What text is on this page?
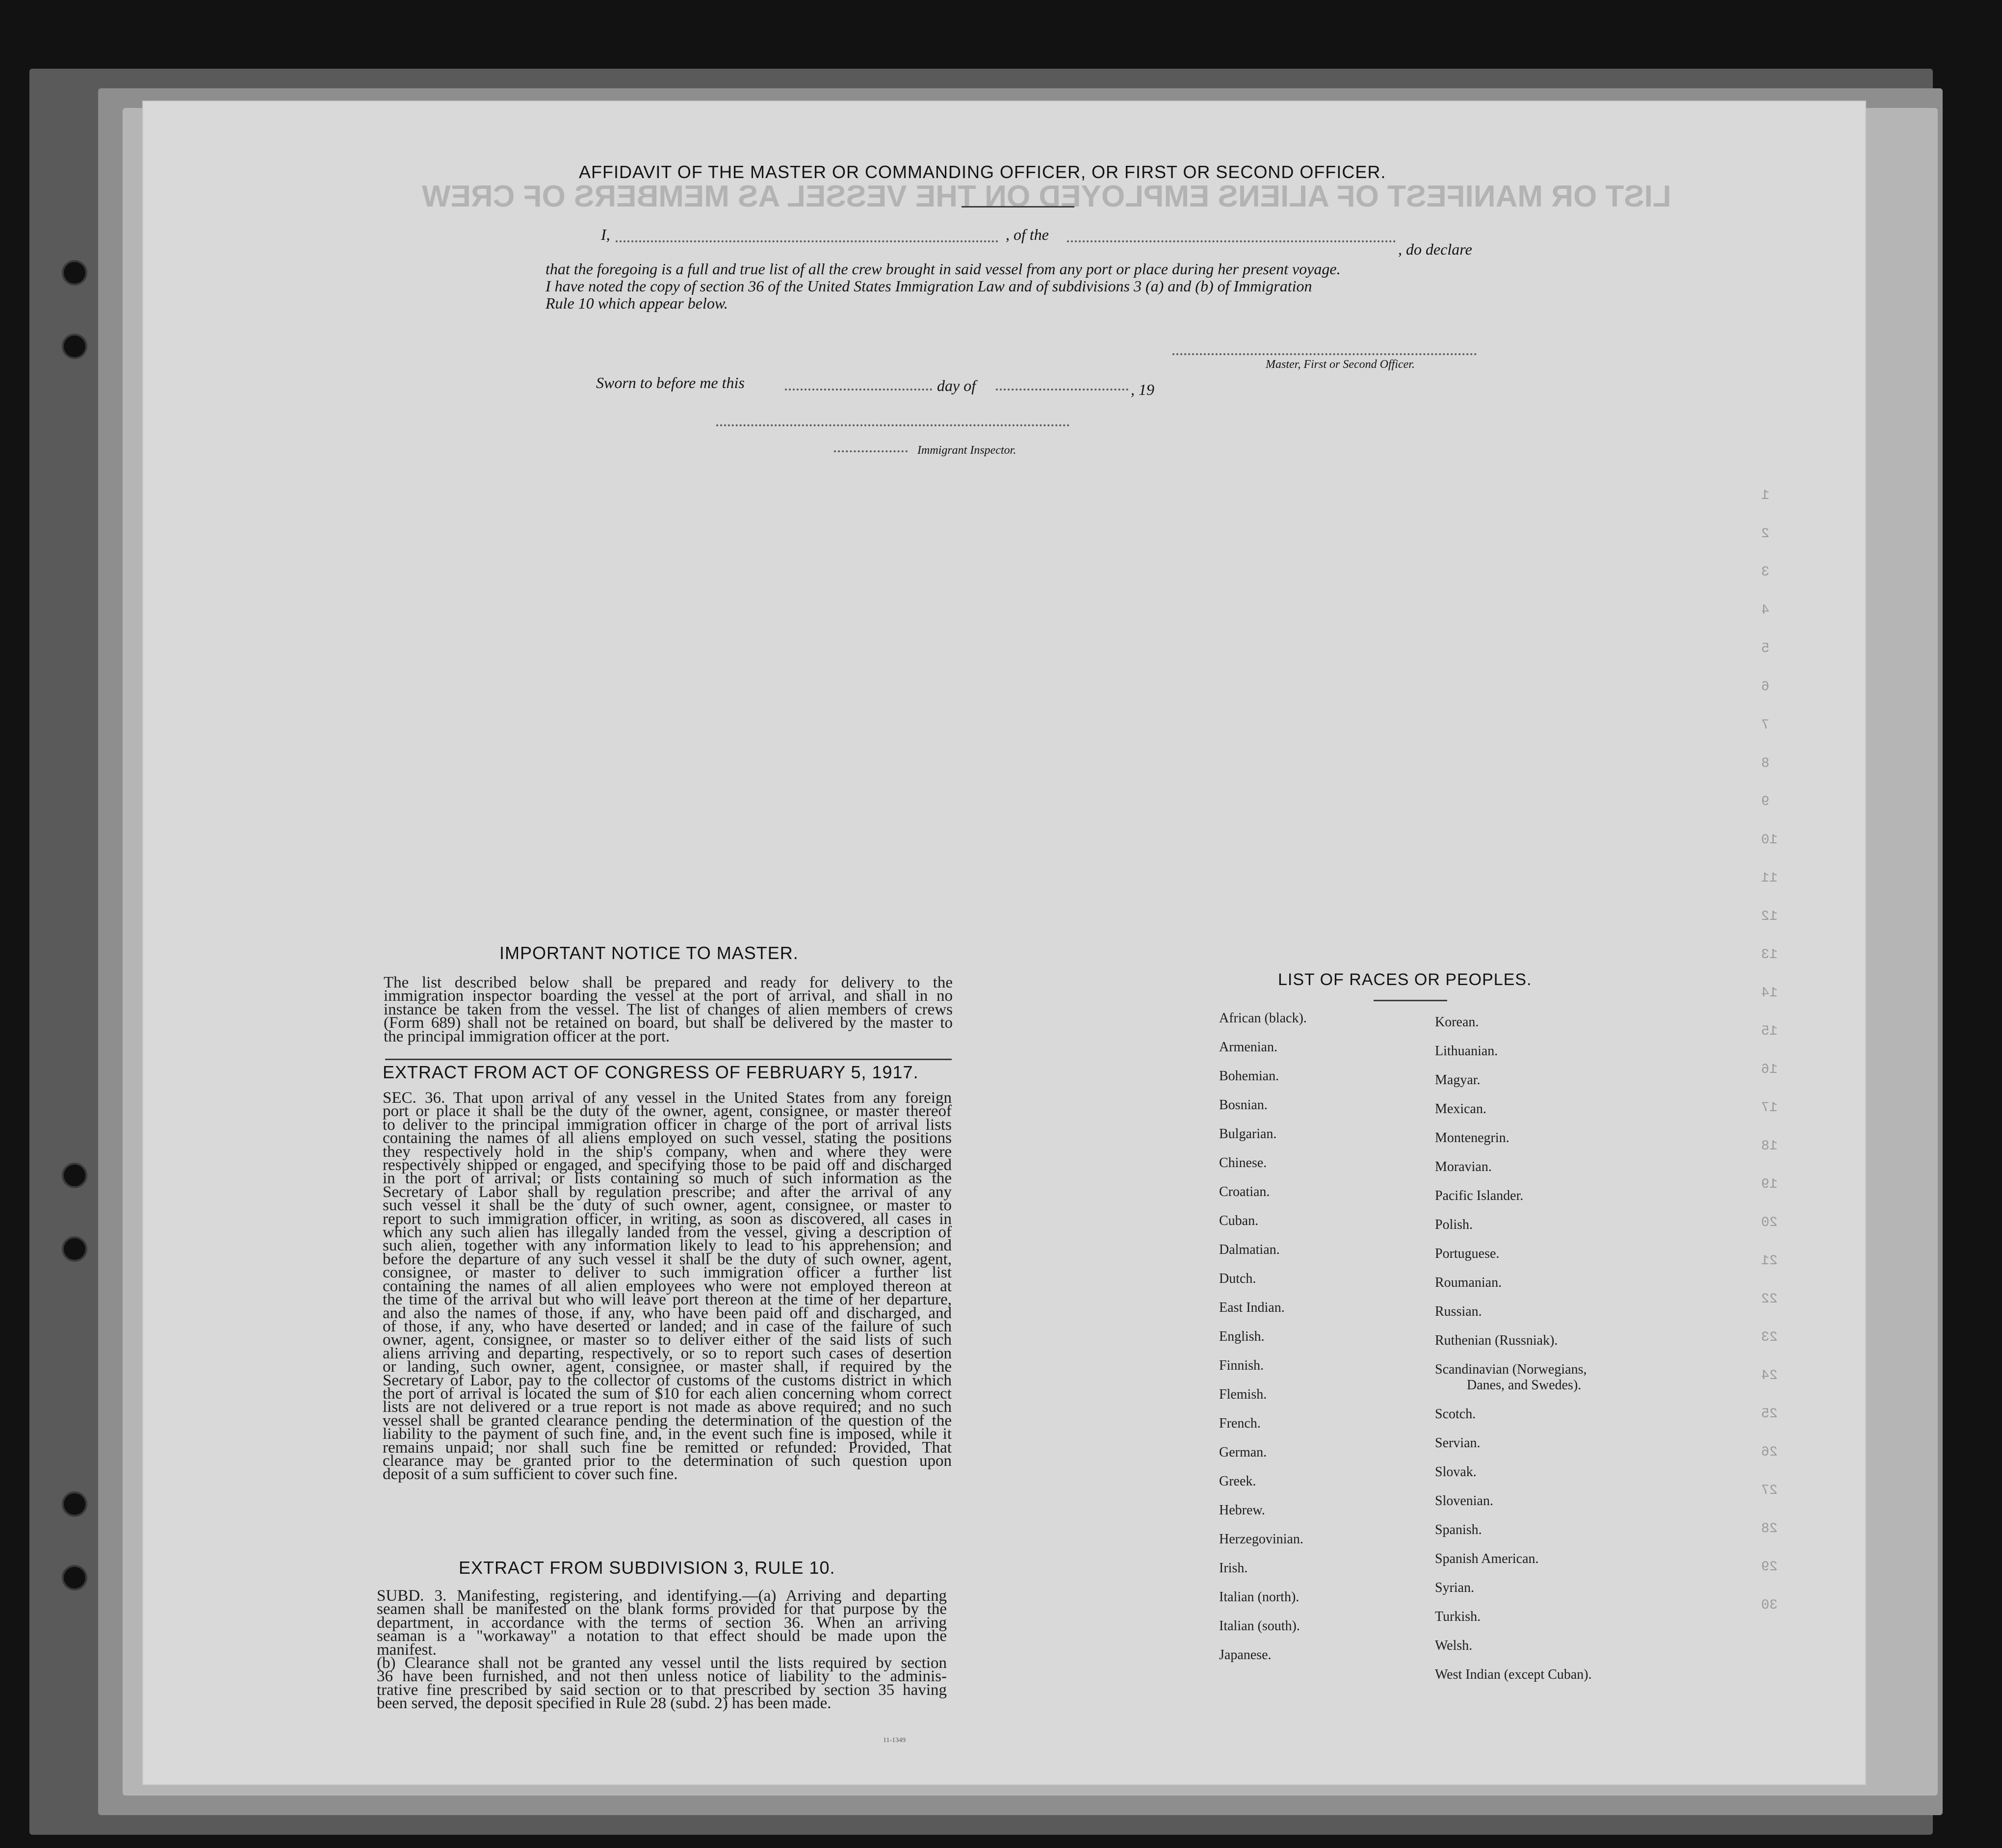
LIST OR MANIFEST OF ALIENS EMPLOYED ON THE VESSEL AS MEMBERS OF CREW
1
2
3
4
5
6
7
8
9
10
11
12
13
14
15
16
17
18
19
20
21
22
23
24
25
26
27
28
29
30
AFFIDAVIT OF THE MASTER OR COMMANDING OFFICER, OR FIRST OR SECOND OFFICER.
I,	, of the
, do declare
that the foregoing is a full and true list of all the crew brought in said vessel from any port or place during her present voyage.
I have noted the copy of section 36 of the United States Immigration Law and of subdivisions 3 (a) and (b) of Immigration
Rule 10 which appear below.
Master, First or Second Officer.
Sworn to before me this	day of	, 19
Immigrant Inspector.
IMPORTANT NOTICE TO MASTER.
The list described below shall be prepared and ready for delivery to the
immigration inspector boarding the vessel at the port of arrival, and shall in no
instance be taken from the vessel. The list of changes of alien members of crews
(Form 689) shall not be retained on board, but shall be delivered by the master to
the principal immigration officer at the port.
EXTRACT FROM ACT OF CONGRESS OF FEBRUARY 5, 1917.
SEC. 36. That upon arrival of any vessel in the United States from any foreign
port or place it shall be the duty of the owner, agent, consignee, or master thereof
to deliver to the principal immigration officer in charge of the port of arrival lists
containing the names of all aliens employed on such vessel, stating the positions
they respectively hold in the ship's company, when and where they were
respectively shipped or engaged, and specifying those to be paid off and discharged
in the port of arrival; or lists containing so much of such information as the
Secretary of Labor shall by regulation prescribe; and after the arrival of any
such vessel it shall be the duty of such owner, agent, consignee, or master to
report to such immigration officer, in writing, as soon as discovered, all cases in
which any such alien has illegally landed from the vessel, giving a description of
such alien, together with any information likely to lead to his apprehension; and
before the departure of any such vessel it shall be the duty of such owner, agent,
consignee, or master to deliver to such immigration officer a further list
containing the names of all alien employees who were not employed thereon at
the time of the arrival but who will leave port thereon at the time of her departure,
and also the names of those, if any, who have been paid off and discharged, and
of those, if any, who have deserted or landed; and in case of the failure of such
owner, agent, consignee, or master so to deliver either of the said lists of such
aliens arriving and departing, respectively, or so to report such cases of desertion
or landing, such owner, agent, consignee, or master shall, if required by the
Secretary of Labor, pay to the collector of customs of the customs district in which
the port of arrival is located the sum of $10 for each alien concerning whom correct
lists are not delivered or a true report is not made as above required; and no such
vessel shall be granted clearance pending the determination of the question of the
liability to the payment of such fine, and, in the event such fine is imposed, while it
remains unpaid; nor shall such fine be remitted or refunded: Provided, That
clearance may be granted prior to the determination of such question upon
deposit of a sum sufficient to cover such fine.
EXTRACT FROM SUBDIVISION 3, RULE 10.
SUBD. 3. Manifesting, registering, and identifying.—(a) Arriving and departing
seamen shall be manifested on the blank forms provided for that purpose by the
department, in accordance with the terms of section 36. When an arriving
seaman is a "workaway" a notation to that effect should be made upon the
manifest.
(b) Clearance shall not be granted any vessel until the lists required by section
36 have been furnished, and not then unless notice of liability to the adminis-
trative fine prescribed by said section or to that prescribed by section 35 having
been served, the deposit specified in Rule 28 (subd. 2) has been made.
11-1349
LIST OF RACES OR PEOPLES.
African (black).
Armenian.
Bohemian.
Bosnian.
Bulgarian.
Chinese.
Croatian.
Cuban.
Dalmatian.
Dutch.
East Indian.
English.
Finnish.
Flemish.
French.
German.
Greek.
Hebrew.
Herzegovinian.
Irish.
Italian (north).
Italian (south).
Japanese.
Korean.
Lithuanian.
Magyar.
Mexican.
Montenegrin.
Moravian.
Pacific Islander.
Polish.
Portuguese.
Roumanian.
Russian.
Ruthenian (Russniak).
Scandinavian (Norwegians,
Danes, and Swedes).
Scotch.
Servian.
Slovak.
Slovenian.
Spanish.
Spanish American.
Syrian.
Turkish.
Welsh.
West Indian (except Cuban).
